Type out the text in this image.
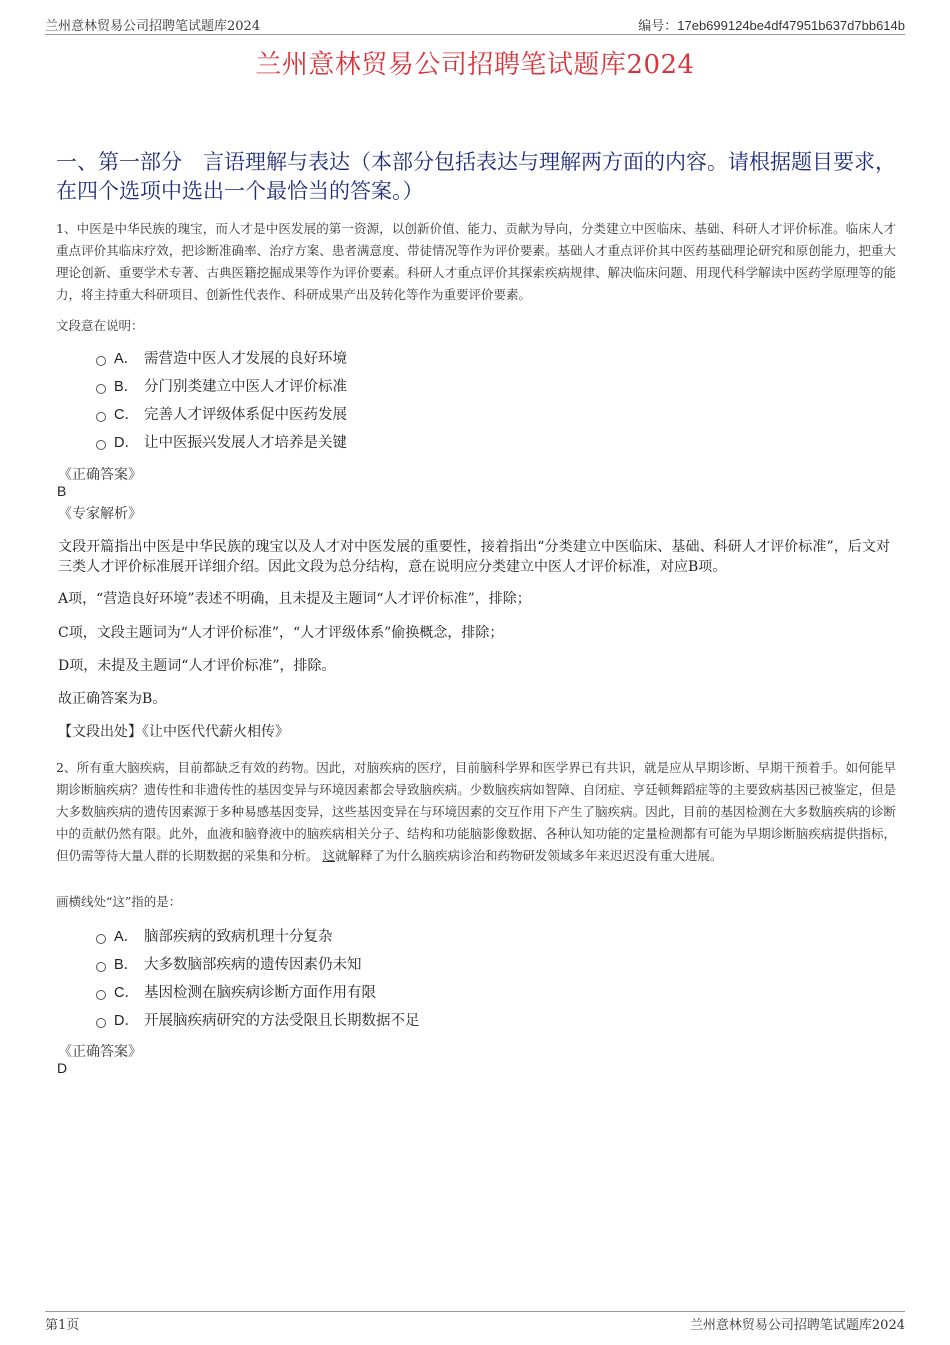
兰州意林贸易公司招聘笔试题库2024	编号：17eb699124be4df47951b637d7bb614b
兰州意林贸易公司招聘笔试题库2024
一、第一部分　言语理解与表达（本部分包括表达与理解两方面的内容。请根据题目要求，在四个选项中选出一个最恰当的答案。）
1、中医是中华民族的瑰宝，而人才是中医发展的第一资源，以创新价值、能力、贡献为导向，分类建立中医临床、基础、科研人才评价标准。临床人才重点评价其临床疗效，把诊断准确率、治疗方案、患者满意度、带徒情况等作为评价要素。基础人才重点评价其中医药基础理论研究和原创能力，把重大理论创新、重要学术专著、古典医籍挖掘成果等作为评价要素。科研人才重点评价其探索疾病规律、解决临床问题、用现代科学解读中医药学原理等的能力，将主持重大科研项目、创新性代表作、科研成果产出及转化等作为重要评价要素。
文段意在说明：
A． 需营造中医人才发展的良好环境
B． 分门别类建立中医人才评价标准
C． 完善人才评级体系促中医药发展
D． 让中医振兴发展人才培养是关键
《正确答案》
B
《专家解析》
文段开篇指出中医是中华民族的瑰宝以及人才对中医发展的重要性，接着指出“分类建立中医临床、基础、科研人才评价标准”，后文对三类人才评价标准展开详细介绍。因此文段为总分结构，意在说明应分类建立中医人才评价标准，对应B项。
A项，“营造良好环境”表述不明确，且未提及主题词“人才评价标准”，排除；
C项，文段主题词为“人才评价标准”，“人才评级体系”偷换概念，排除；
D项，未提及主题词“人才评价标准”，排除。
故正确答案为B。
【文段出处】《让中医代代薪火相传》
2、所有重大脑疾病，目前都缺乏有效的药物。因此，对脑疾病的医疗，目前脑科学界和医学界已有共识，就是应从早期诊断、早期干预着手。如何能早期诊断脑疾病？遗传性和非遗传性的基因变异与环境因素都会导致脑疾病。少数脑疾病如智障、自闭症、亨廷顿舞蹈症等的主要致病基因已被鉴定，但是大多数脑疾病的遗传因素源于多种易感基因变异，这些基因变异在与环境因素的交互作用下产生了脑疾病。因此，目前的基因检测在大多数脑疾病的诊断中的贡献仍然有限。此外，血液和脑脊液中的脑疾病相关分子、结构和功能脑影像数据、各种认知功能的定量检测都有可能为早期诊断脑疾病提供指标，但仍需等待大量人群的长期数据的采集和分析。 这就解释了为什么脑疾病诊治和药物研发领域多年来迟迟没有重大进展。
画横线处“这”指的是：
A． 脑部疾病的致病机理十分复杂
B． 大多数脑部疾病的遗传因素仍未知
C． 基因检测在脑疾病诊断方面作用有限
D． 开展脑疾病研究的方法受限且长期数据不足
《正确答案》
D
第1页	兰州意林贸易公司招聘笔试题库2024
